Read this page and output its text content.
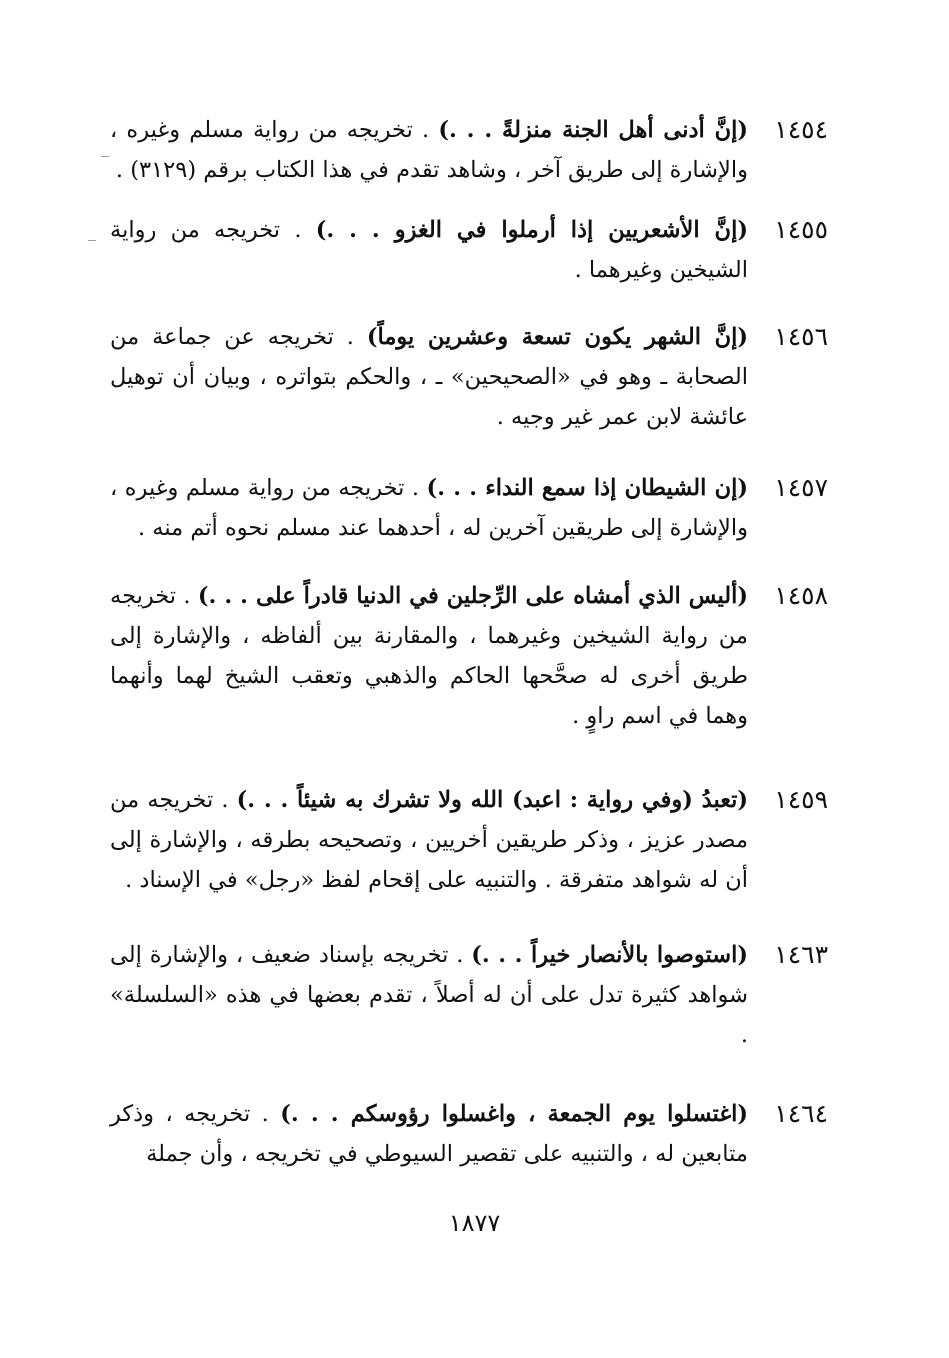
١٤٥٤
(إنَّ أدنى أهل الجنة منزلةً . . .) . تخريجه من رواية مسلم وغيره ، والإشارة إلى طريق آخر ، وشاهد تقدم في هذا الكتاب برقم (٣١٢٩) .
١٤٥٥
(إنَّ الأشعريين إذا أرملوا في الغزو . . .) . تخريجه من رواية الشيخين وغيرهما .
١٤٥٦
(إنَّ الشهر يكون تسعة وعشرين يوماً) . تخريجه عن جماعة من الصحابة ـ وهو في «الصحيحين» ـ ، والحكم بتواتره ، وبيان أن توهيل عائشة لابن عمر غير وجيه .
١٤٥٧
(إن الشيطان إذا سمع النداء . . .) . تخريجه من رواية مسلم وغيره ، والإشارة إلى طريقين آخرين له ، أحدهما عند مسلم نحوه أتم منه .
١٤٥٨
(أليس الذي أمشاه على الرِّجلين في الدنيا قادراً على . . .) . تخريجه من رواية الشيخين وغيرهما ، والمقارنة بين ألفاظه ، والإشارة إلى طريق أخرى له صحَّحها الحاكم والذهبي وتعقب الشيخ لهما وأنهما وهما في اسم راوٍ .
١٤٥٩
(تعبدُ (وفي رواية : اعبد) الله ولا تشرك به شيئاً . . .) . تخريجه من مصدر عزيز ، وذكر طريقين أخريين ، وتصحيحه بطرقه ، والإشارة إلى أن له شواهد متفرقة . والتنبيه على إقحام لفظ «رجل» في الإسناد .
١٤٦٣
(استوصوا بالأنصار خيراً . . .) . تخريجه بإسناد ضعيف ، والإشارة إلى شواهد كثيرة تدل على أن له أصلاً ، تقدم بعضها في هذه «السلسلة» .
١٤٦٤
(اغتسلوا يوم الجمعة ، واغسلوا رؤوسكم . . .) . تخريجه ، وذكر متابعين له ، والتنبيه على تقصير السيوطي في تخريجه ، وأن جملة
١٨٧٧
